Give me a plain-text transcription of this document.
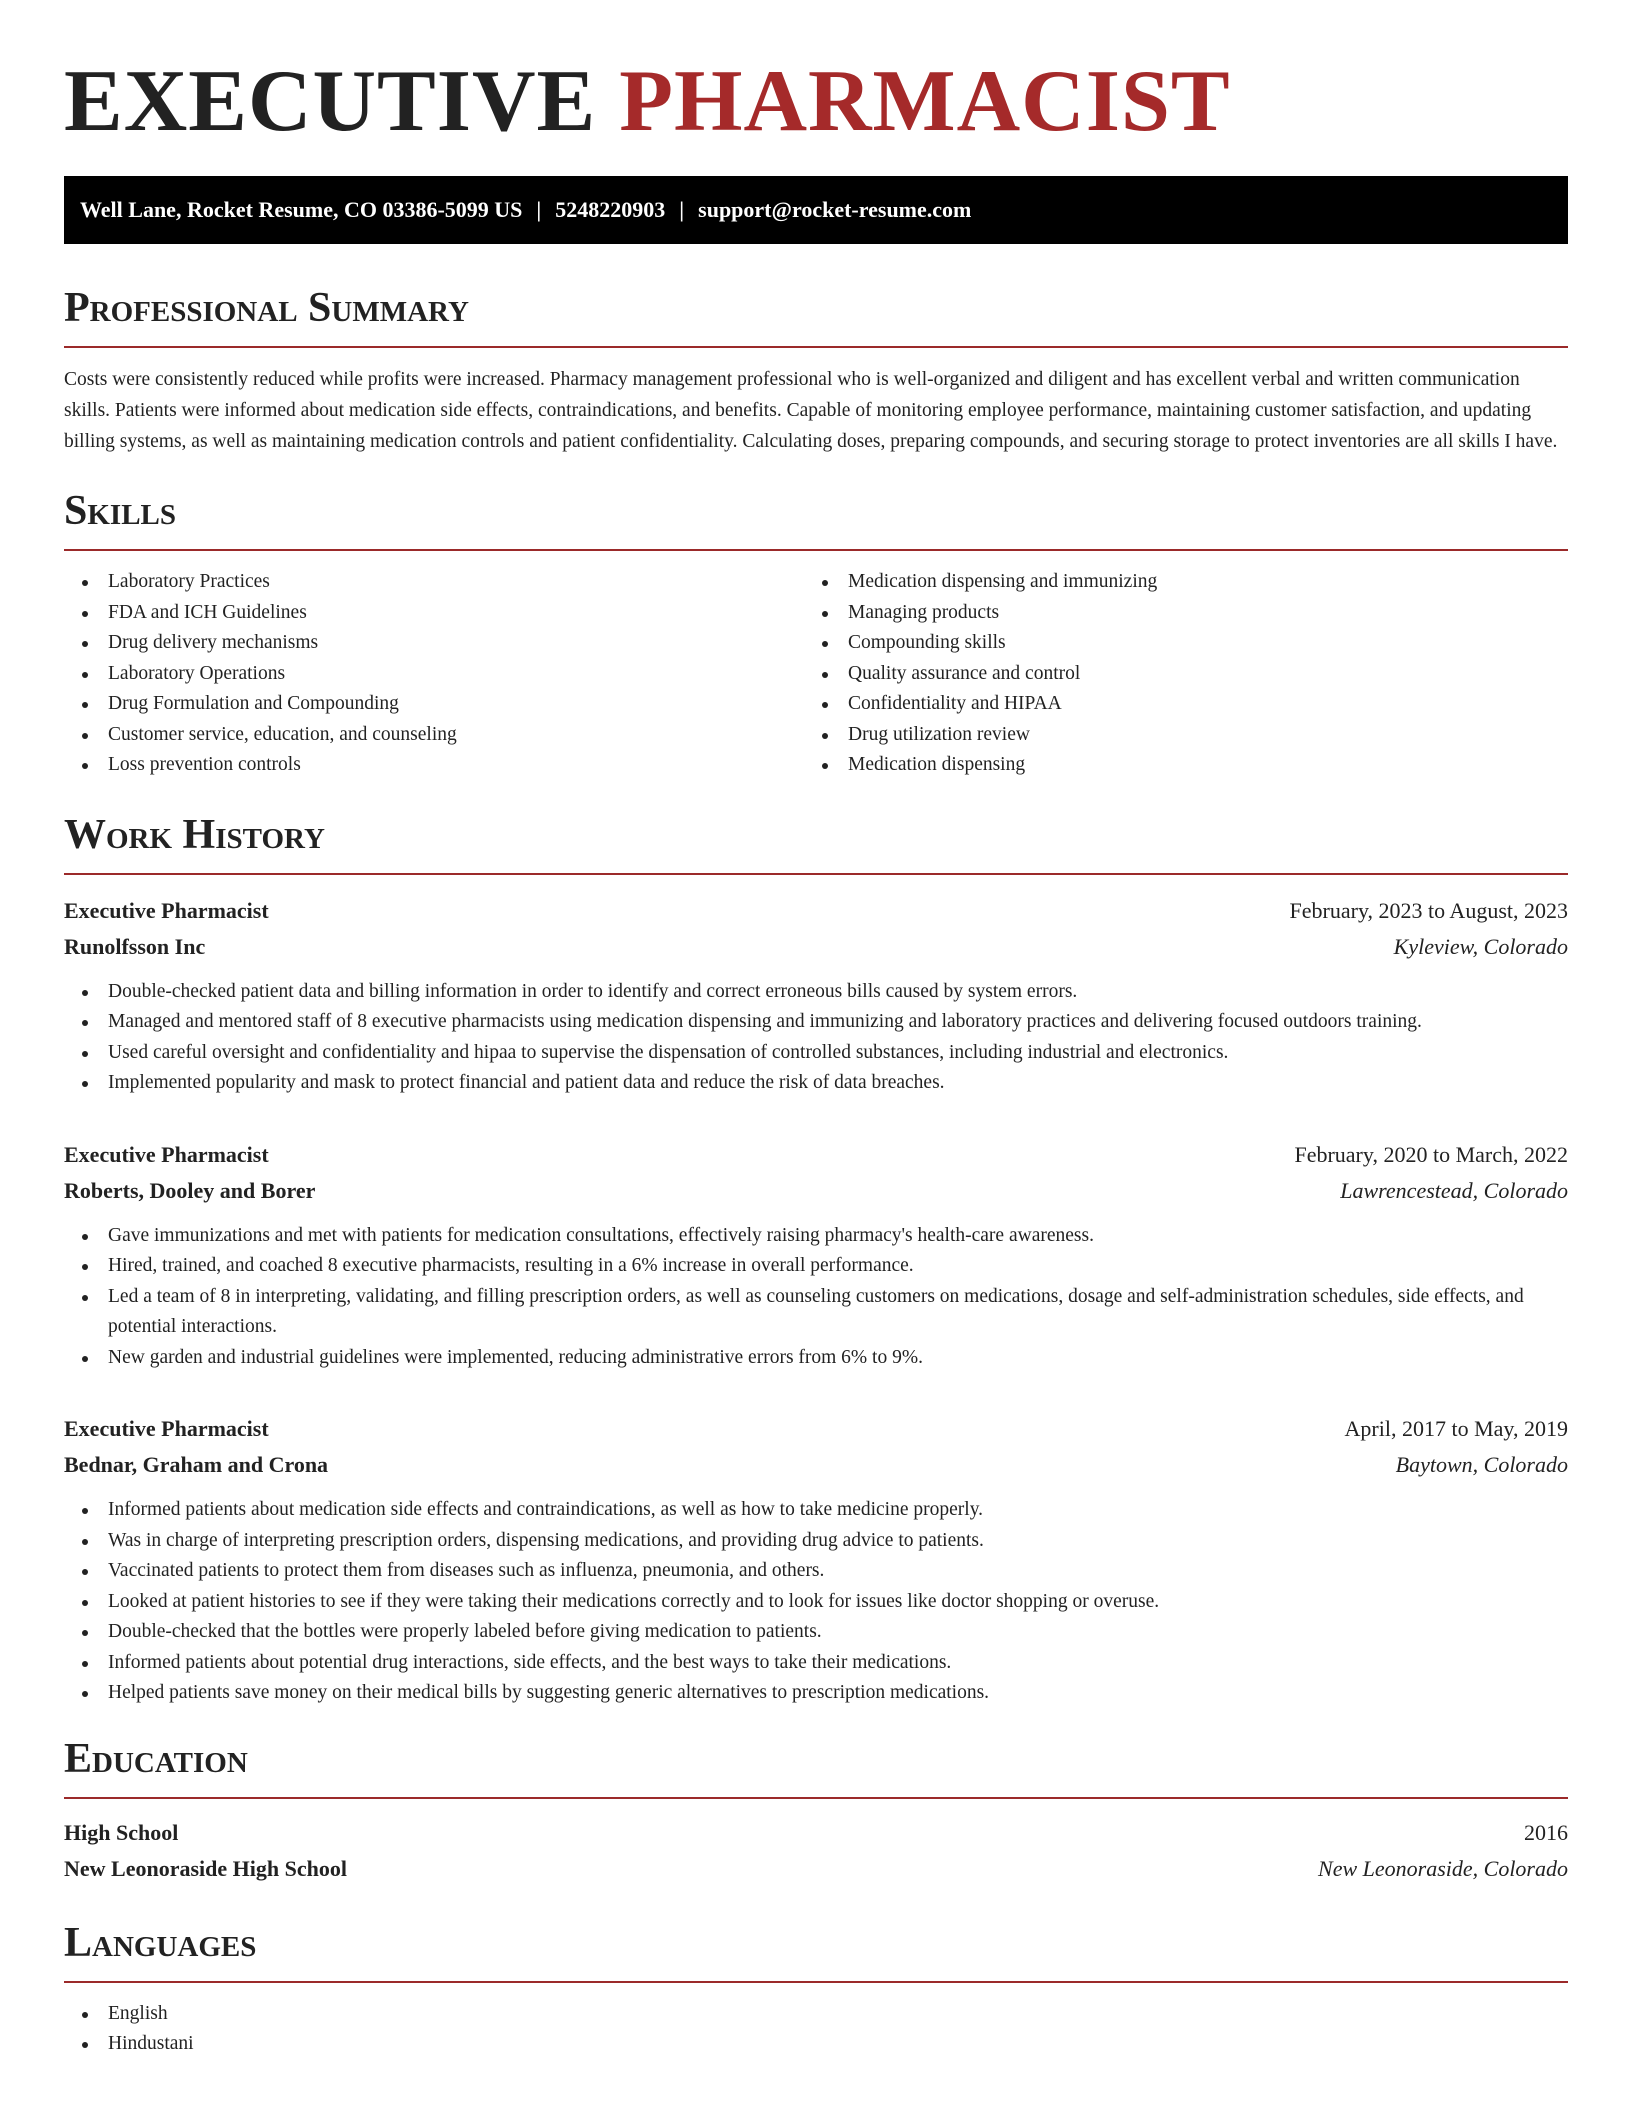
EXECUTIVE PHARMACIST
Well Lane, Rocket Resume, CO 03386-5099 US | 5248220903 | support@rocket-resume.com
Professional Summary

Costs were consistently reduced while profits were increased. Pharmacy management professional who is well-organized and diligent and has excellent verbal and written communication skills. Patients were informed about medication side effects, contraindications, and benefits. Capable of monitoring employee performance, maintaining customer satisfaction, and updating billing systems, as well as maintaining medication controls and patient confidentiality. Calculating doses, preparing compounds, and securing storage to protect inventories are all skills I have.

Skills
Laboratory Practices
FDA and ICH Guidelines
Drug delivery mechanisms
Laboratory Operations
Drug Formulation and Compounding
Customer service, education, and counseling
Loss prevention controls
Medication dispensing and immunizing
Managing products
Compounding skills
Quality assurance and control
Confidentiality and HIPAA
Drug utilization review
Medication dispensing
Work History
Executive Pharmacist	February, 2023 to August, 2023
Runolfsson Inc	Kyleview, Colorado
Double-checked patient data and billing information in order to identify and correct erroneous bills caused by system errors.
Managed and mentored staff of 8 executive pharmacists using medication dispensing and immunizing and laboratory practices and delivering focused outdoors training.
Used careful oversight and confidentiality and hipaa to supervise the dispensation of controlled substances, including industrial and electronics.
Implemented popularity and mask to protect financial and patient data and reduce the risk of data breaches.
Executive Pharmacist	February, 2020 to March, 2022
Roberts, Dooley and Borer	Lawrencestead, Colorado
Gave immunizations and met with patients for medication consultations, effectively raising pharmacy's health-care awareness.
Hired, trained, and coached 8 executive pharmacists, resulting in a 6% increase in overall performance.
Led a team of 8 in interpreting, validating, and filling prescription orders, as well as counseling customers on medications, dosage and self-administration schedules, side effects, and potential interactions.
New garden and industrial guidelines were implemented, reducing administrative errors from 6% to 9%.
Executive Pharmacist	April, 2017 to May, 2019
Bednar, Graham and Crona	Baytown, Colorado
Informed patients about medication side effects and contraindications, as well as how to take medicine properly.
Was in charge of interpreting prescription orders, dispensing medications, and providing drug advice to patients.
Vaccinated patients to protect them from diseases such as influenza, pneumonia, and others.
Looked at patient histories to see if they were taking their medications correctly and to look for issues like doctor shopping or overuse.
Double-checked that the bottles were properly labeled before giving medication to patients.
Informed patients about potential drug interactions, side effects, and the best ways to take their medications.
Helped patients save money on their medical bills by suggesting generic alternatives to prescription medications.
Education
High School	2016
New Leonoraside High School	New Leonoraside, Colorado
Languages
English
Hindustani
